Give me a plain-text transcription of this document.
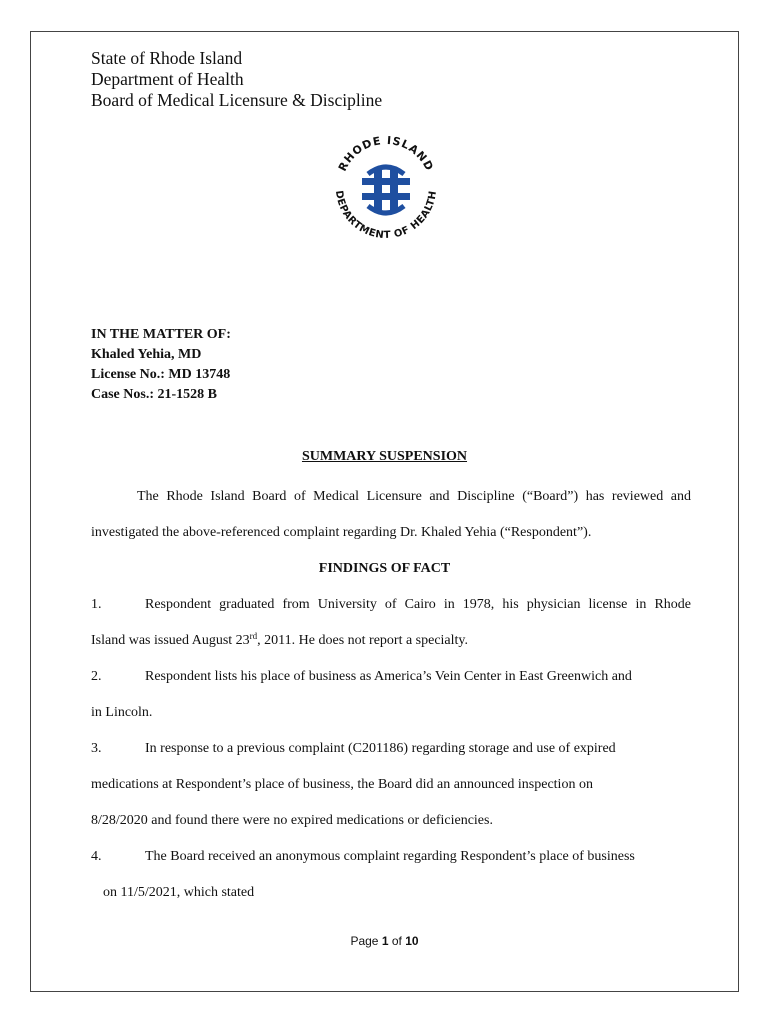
State of Rhode Island
Department of Health
Board of Medical Licensure & Discipline
RHODE ISLAND
DEPARTMENT OF HEALTH
IN THE MATTER OF:
Khaled Yehia, MD
License No.: MD 13748
Case Nos.: 21-1528 B
SUMMARY SUSPENSION
The Rhode Island Board of Medical Licensure and Discipline (“Board”) has reviewed and
investigated the above-referenced complaint regarding Dr. Khaled Yehia (“Respondent”).
FINDINGS OF FACT
1.	Respondent graduated from University of Cairo in 1978, his physician license in Rhode
Island was issued August 23rd, 2011. He does not report a specialty.
2.	Respondent lists his place of business as America’s Vein Center in East Greenwich and
in Lincoln.
3.	In response to a previous complaint (C201186) regarding storage and use of expired
medications at Respondent’s place of business, the Board did an announced inspection on
8/28/2020 and found there were no expired medications or deficiencies.
4.	The Board received an anonymous complaint regarding Respondent’s place of business
on 11/5/2021, which stated
Page 1 of 10
